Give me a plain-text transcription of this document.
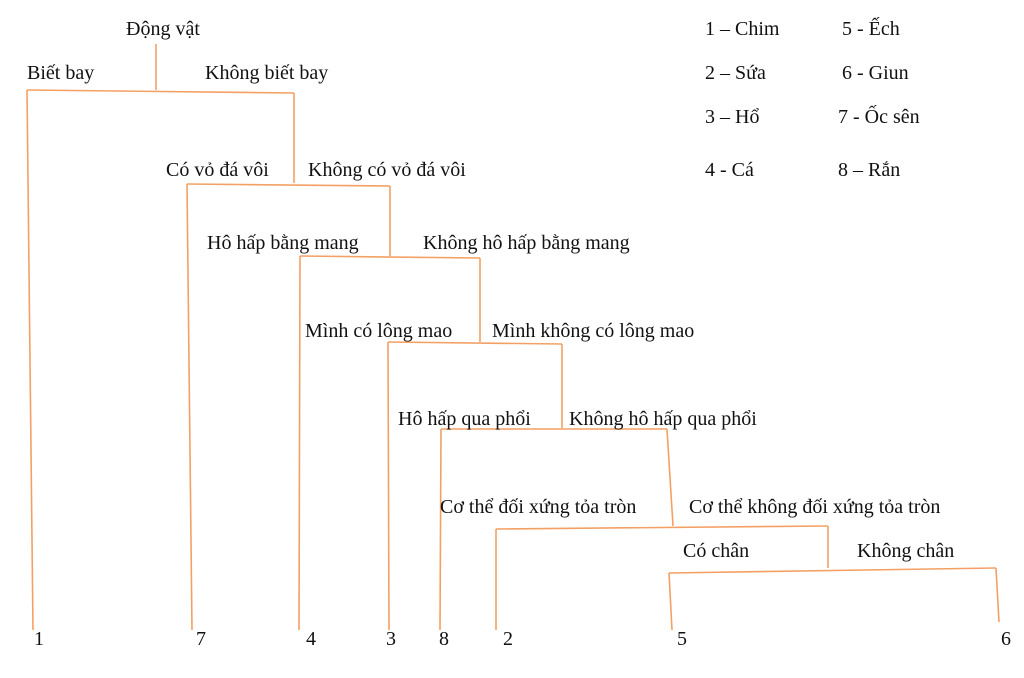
Động vật
Biết bay	Không biết bay
Có vỏ đá vôi Không có vỏ đá vôi
Hô hấp bằng mang	Không hô hấp bằng mang
Mình có lông mao Mình không có lông mao
Hô hấp qua phổi Không hô hấp qua phổi
Cơ thể đối xứng tỏa tròn	Cơ thể không đối xứng tỏa tròn
Có chân	Không chân
1	7	4	3 8	2	5	6
1 – Chim	5 - Ếch
2 – Sứa	6 - Giun
3 – Hổ	7 - Ốc sên
4 - Cá	8 – Rắn
